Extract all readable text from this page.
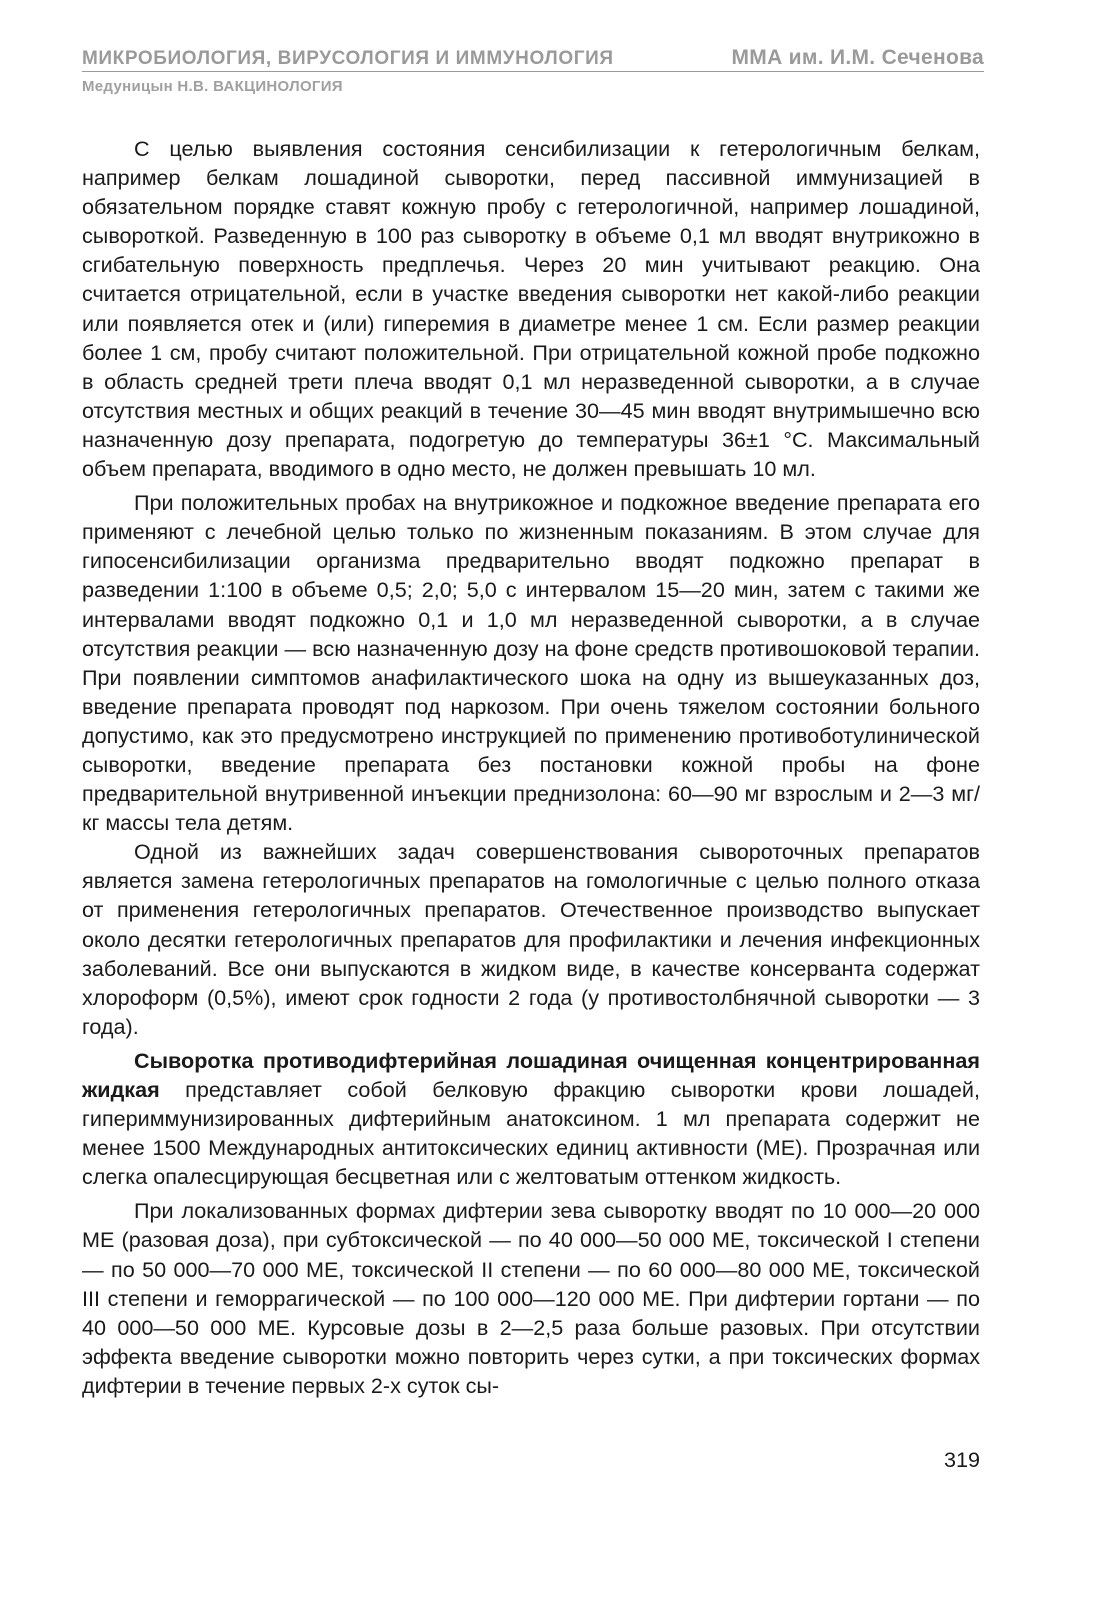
МИКРОБИОЛОГИЯ, ВИРУСОЛОГИЯ И ИММУНОЛОГИЯ	ММА им. И.М. Сеченова
Медуницын Н.В. ВАКЦИНОЛОГИЯ

С целью выявления состояния сенсибилизации к гетерологичным белкам, например белкам лошадиной сыворотки, перед пассивной иммунизацией в обязательном порядке ставят кожную пробу с гетерологичной, например лошадиной, сывороткой. Разведенную в 100 раз сыворотку в объеме 0,1 мл вводят внутрикожно в сгибательную поверхность предплечья. Через 20 мин учитывают реакцию. Она считается отрицательной, если в участке введения сыворотки нет какой-либо реакции или появляется отек и (или) гиперемия в диаметре менее 1 см. Если размер реакции более 1 см, пробу считают положительной. При отрицательной кожной пробе подкожно в область средней трети плеча вводят 0,1 мл неразведенной сыворотки, а в случае отсутствия местных и общих реакций в течение 30—45 мин вводят внутримышечно всю назначенную дозу препарата, подогретую до температуры 36±1 °С. Максимальный объем препарата, вводимого в одно место, не должен превышать 10 мл.

При положительных пробах на внутрикожное и подкожное введение препарата его применяют с лечебной целью только по жизненным показаниям. В этом случае для гипосенсибилизации организма предварительно вводят подкожно препарат в разведении 1:100 в объеме 0,5; 2,0; 5,0 с интервалом 15—20 мин, затем с такими же интервалами вводят подкожно 0,1 и 1,0 мл неразведенной сыворотки, а в случае отсутствия реакции — всю назначенную дозу на фоне средств противошоковой терапии. При появлении симптомов анафилактического шока на одну из вышеуказанных доз, введение препарата проводят под наркозом. При очень тяжелом состоянии больного допустимо, как это предусмотрено инструкцией по применению противоботулинической сыворотки, введение препарата без постановки кожной пробы на фоне предварительной внутривенной инъекции преднизолона: 60—90 мг взрослым и 2—3 мг/кг массы тела детям.

Одной из важнейших задач совершенствования сывороточных препаратов является замена гетерологичных препаратов на гомологичные с целью полного отказа от применения гетерологичных препаратов. Отечественное производство выпускает около десятки гетерологичных препаратов для профилактики и лечения инфекционных заболеваний. Все они выпускаются в жидком виде, в качестве консерванта содержат хлороформ (0,5%), имеют срок годности 2 года (у противостолбнячной сыворотки — 3 года).

Сыворотка противодифтерийная лошадиная очищенная концентрированная жидкая представляет собой белковую фракцию сыворотки крови лошадей, гипериммунизированных дифтерийным анатоксином. 1 мл препарата содержит не менее 1500 Международных антитоксических единиц активности (МЕ). Прозрачная или слегка опалесцирующая бесцветная или с желтоватым оттенком жидкость.

При локализованных формах дифтерии зева сыворотку вводят по 10 000—20 000 МЕ (разовая доза), при субтоксической — по 40 000—50 000 МЕ, токсической I степени — по 50 000—70 000 МЕ, токсической II степени — по 60 000—80 000 МЕ, токсической III степени и геморрагической — по 100 000—120 000 МЕ. При дифтерии гортани — по 40 000—50 000 МЕ. Курсовые дозы в 2—2,5 раза больше разовых. При отсутствии эффекта введение сыворотки можно повторить через сутки, а при токсических формах дифтерии в течение первых 2-х суток сы-

319
